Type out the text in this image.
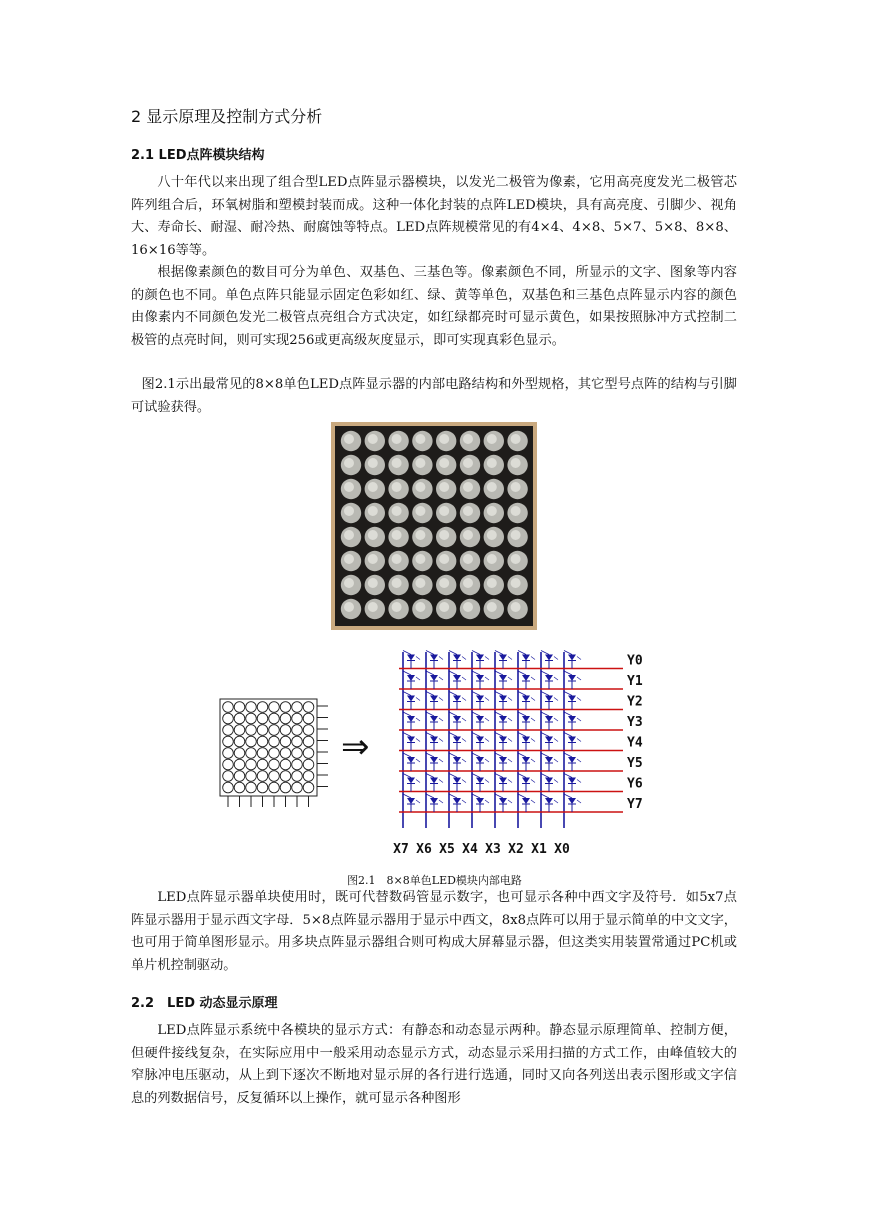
2 显示原理及控制方式分析
2.1 LED点阵模块结构

八十年代以来出现了组合型LED点阵显示器模块，以发光二极管为像素，它用高亮度发光二极管芯阵列组合后，环氧树脂和塑模封装而成。这种一体化封装的点阵LED模块，具有高亮度、引脚少、视角大、寿命长、耐湿、耐冷热、耐腐蚀等特点。LED点阵规模常见的有4×4、4×8、5×7、5×8、8×8、16×16等等。

根据像素颜色的数目可分为单色、双基色、三基色等。像素颜色不同，所显示的文字、图象等内容的颜色也不同。单色点阵只能显示固定色彩如红、绿、黄等单色，双基色和三基色点阵显示内容的颜色由像素内不同颜色发光二极管点亮组合方式决定，如红绿都亮时可显示黄色，如果按照脉冲方式控制二极管的点亮时间，则可实现256或更高级灰度显示，即可实现真彩色显示。

图2.1示出最常见的8×8单色LED点阵显示器的内部电路结构和外型规格，其它型号点阵的结构与引脚可试验获得。

⇒
Y0
Y1
Y2
Y3
Y4
Y5
Y6
Y7
X7 X6 X5 X4 X3 X2 X1 X0
图2.1　8×8单色LED模块内部电路

LED点阵显示器单块使用时，既可代替数码管显示数字，也可显示各种中西文字及符号．如5x7点阵显示器用于显示西文字母．5×8点阵显示器用于显示中西文，8x8点阵可以用于显示简单的中文文字，也可用于简单图形显示。用多块点阵显示器组合则可构成大屏幕显示器，但这类实用装置常通过PC机或单片机控制驱动。

2.2　LED 动态显示原理

LED点阵显示系统中各模块的显示方式：有静态和动态显示两种。静态显示原理简单、控制方便，但硬件接线复杂，在实际应用中一般采用动态显示方式，动态显示采用扫描的方式工作，由峰值较大的窄脉冲电压驱动，从上到下逐次不断地对显示屏的各行进行选通，同时又向各列送出表示图形或文字信息的列数据信号，反复循环以上操作，就可显示各种图形
